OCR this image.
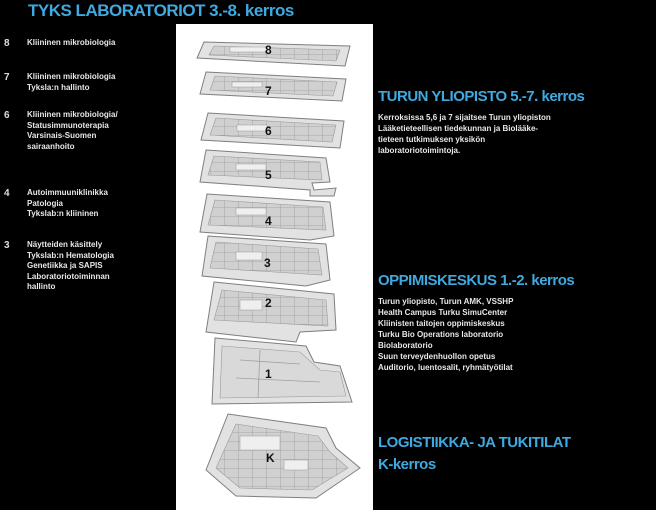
TYKS LABORATORIOT 3.-8. kerros
8
7
6
5
4
3
2
1
K
8 Kliininen mikrobiologia
7 Kliininen mikrobiologia
Tyksla:n hallinto
6 Kliininen mikrobiologia/
Statusimmunoterapia
Varsinais-Suomen
sairaanhoito
4 Autoimmuuniklinikka
Patologia
Tykslab:n kliininen
3 Näytteiden käsittely
Tykslab:n Hematologia
Genetiikka ja SAPIS
Laboratoriotoiminnan
hallinto
TURUN YLIOPISTO 5.-7. kerros
Kerroksissa 5,6 ja 7 sijaitsee Turun yliopiston
Lääketieteellisen tiedekunnan ja Biolääke-
tieteen tutkimuksen yksikön
laboratoriotoimintoja.
OPPIMISKESKUS 1.-2. kerros
Turun yliopisto, Turun AMK, VSSHP
Health Campus Turku SimuCenter
Kliinisten taitojen oppimiskeskus
Turku Bio Operations laboratorio
Biolaboratorio
Suun terveydenhuollon opetus
Auditorio, luentosalit, ryhmätyötilat
LOGISTIIKKA- JA TUKITILAT
K-kerros
